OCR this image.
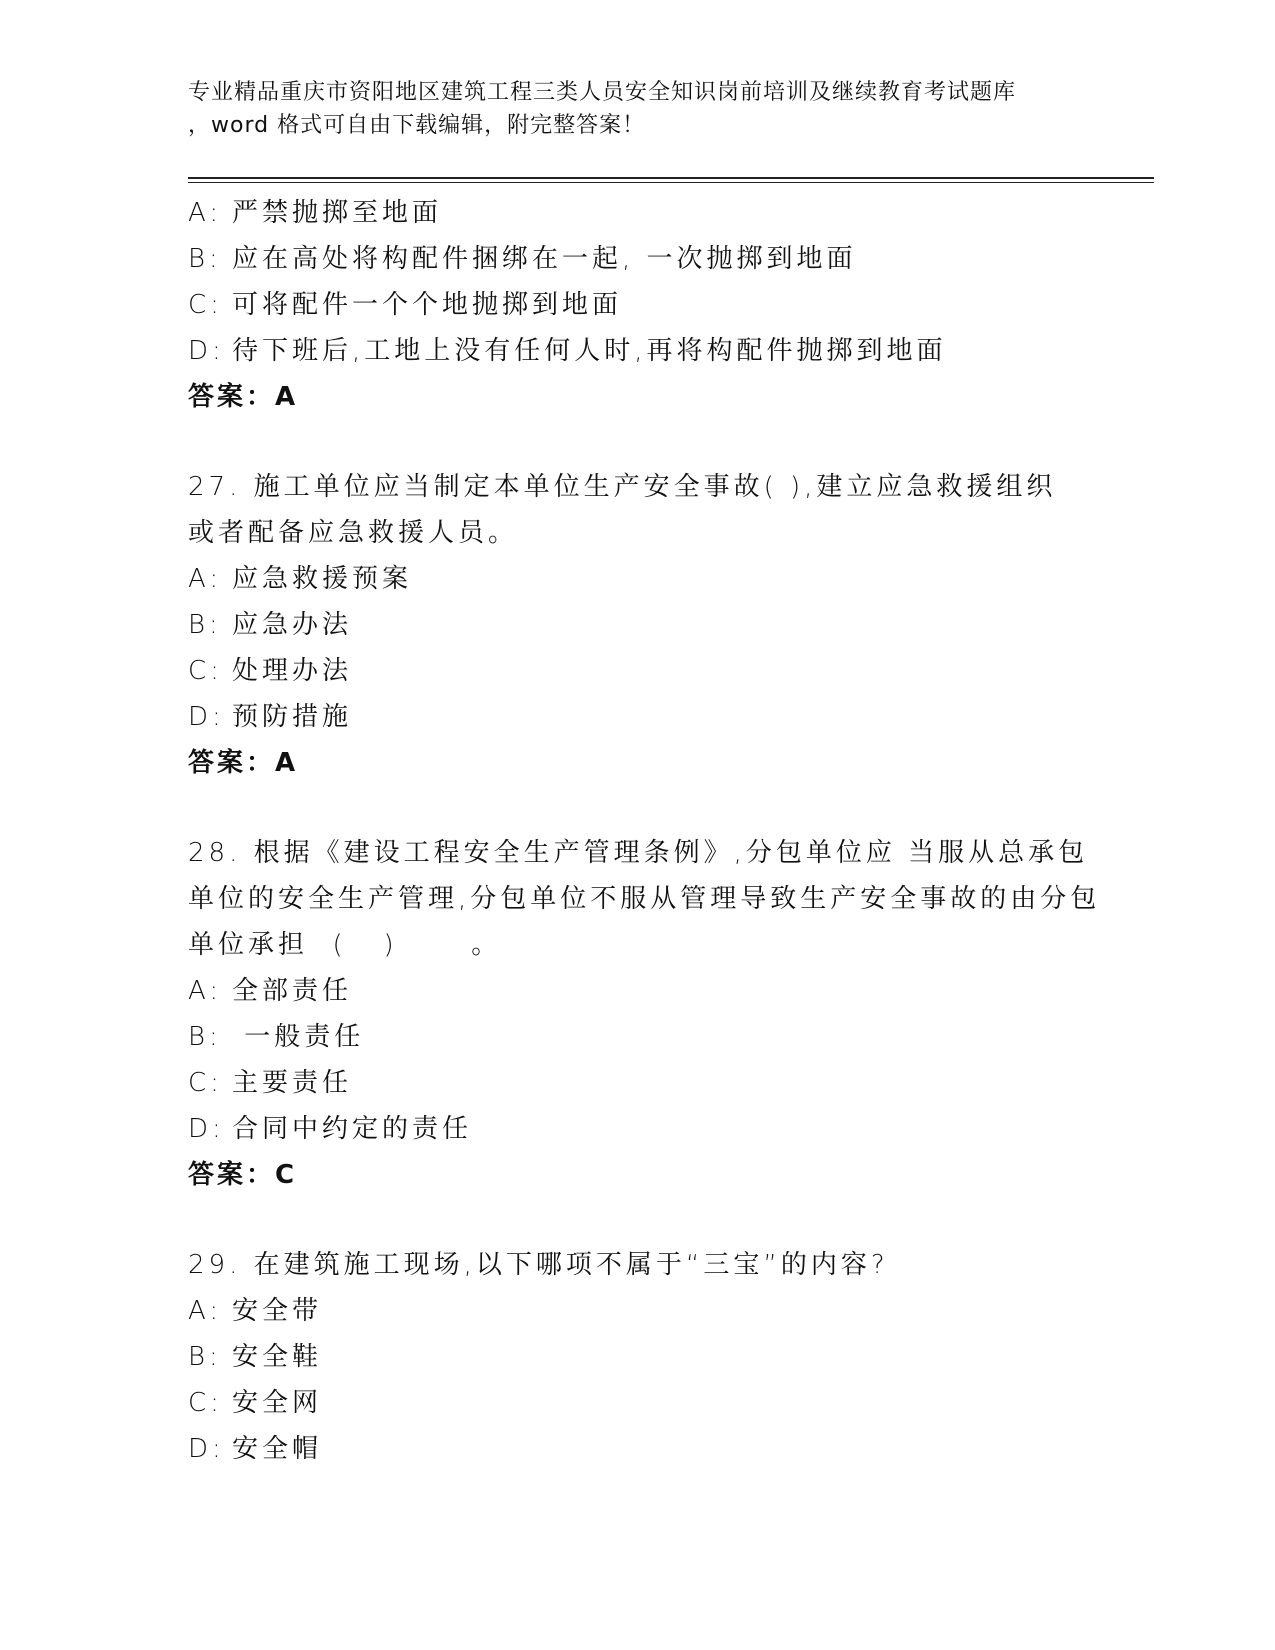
专业精品重庆市资阳地区建筑工程三类人员安全知识岗前培训及继续教育考试题库
，word 格式可自由下载编辑，附完整答案！
A: 严禁抛掷至地面
B: 应在高处将构配件捆绑在一起, 一次抛掷到地面
C: 可将配件一个个地抛掷到地面
D: 待下班后,工地上没有任何人时,再将构配件抛掷到地面
答案：A
27. 施工单位应当制定本单位生产安全事故( ),建立应急救援组织
或者配备应急救援人员。
A: 应急救援预案
B: 应急办法
C: 处理办法
D: 预防措施
答案：A
28. 根据《建设工程安全生产管理条例》,分包单位应 当服从总承包
单位的安全生产管理,分包单位不服从管理导致生产安全事故的由分包
单位承担  (   )      。
A: 全部责任
B: 一般责任
C: 主要责任
D: 合同中约定的责任
答案：C
29. 在建筑施工现场,以下哪项不属于“三宝”的内容?
A: 安全带
B: 安全鞋
C: 安全网
D: 安全帽
